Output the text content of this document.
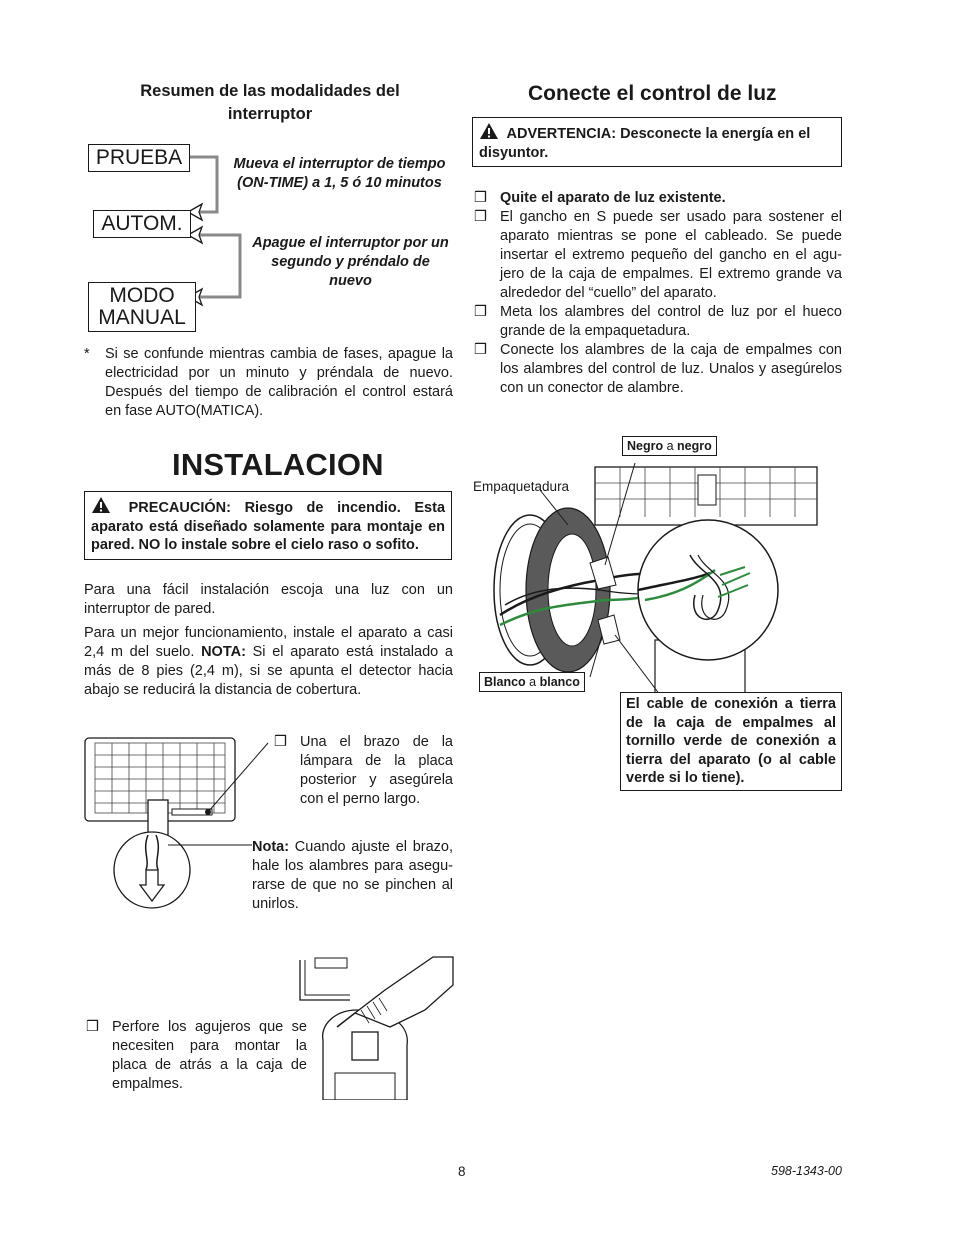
Resumen de las modalidades del interruptor
PRUEBA
AUTOM.
MODO
MANUAL
Mueva el interruptor de tiempo (ON-TIME) a 1, 5 ó 10 minutos
Apague el interruptor por un segundo y préndalo de nuevo
* Si se confunde mientras cambia de fases, apague la electricidad por un minuto y préndala de nuevo. Después del tiempo de calibración el control estará en fase AUTO(MATICA).
INSTALACION
PRECAUCIÓN: Riesgo de incendio. Esta aparato está diseñado solamente para montaje en pared. NO lo instale sobre el cielo raso o sofito.
Para una fácil instalación escoja una luz con un interruptor de pared.
Para un mejor funcionamiento, instale el aparato a casi 2,4 m del suelo. NOTA: Si el aparato está instalado a más de 8 pies (2,4 m), si se apunta el detector hacia abajo se reducirá la distancia de cobertura.
❒ Una el brazo de la lámpara de la placa posterior y asegúrela con el perno largo.
Nota: Cuando ajuste el brazo, hale los alambres para asegu-rarse de que no se pinchen al unirlos.
❒ Perfore los agujeros que se necesiten para montar la placa de atrás a la caja de empalmes.
Conecte el control de luz
ADVERTENCIA: Desconecte la energía en el disyuntor.
❒ Quite el aparato de luz existente.
❒ El gancho en S puede ser usado para sostener el aparato mientras se pone el cableado. Se puede insertar el extremo pequeño del gancho en el agu-jero de la caja de empalmes. El extremo grande va alrededor del “cuello” del aparato.
❒ Meta los alambres del control de luz por el hueco grande de la empaquetadura.
❒ Conecte los alambres de la caja de empalmes con los alambres del control de luz. Unalos y asegúrelos con un conector de alambre.
Negro a negro
Empaquetadura
Blanco a blanco
El cable de conexión a tierra de la caja de empalmes al tornillo verde de conexión a tierra del aparato (o al cable verde si lo tiene).
8	598-1343-00
